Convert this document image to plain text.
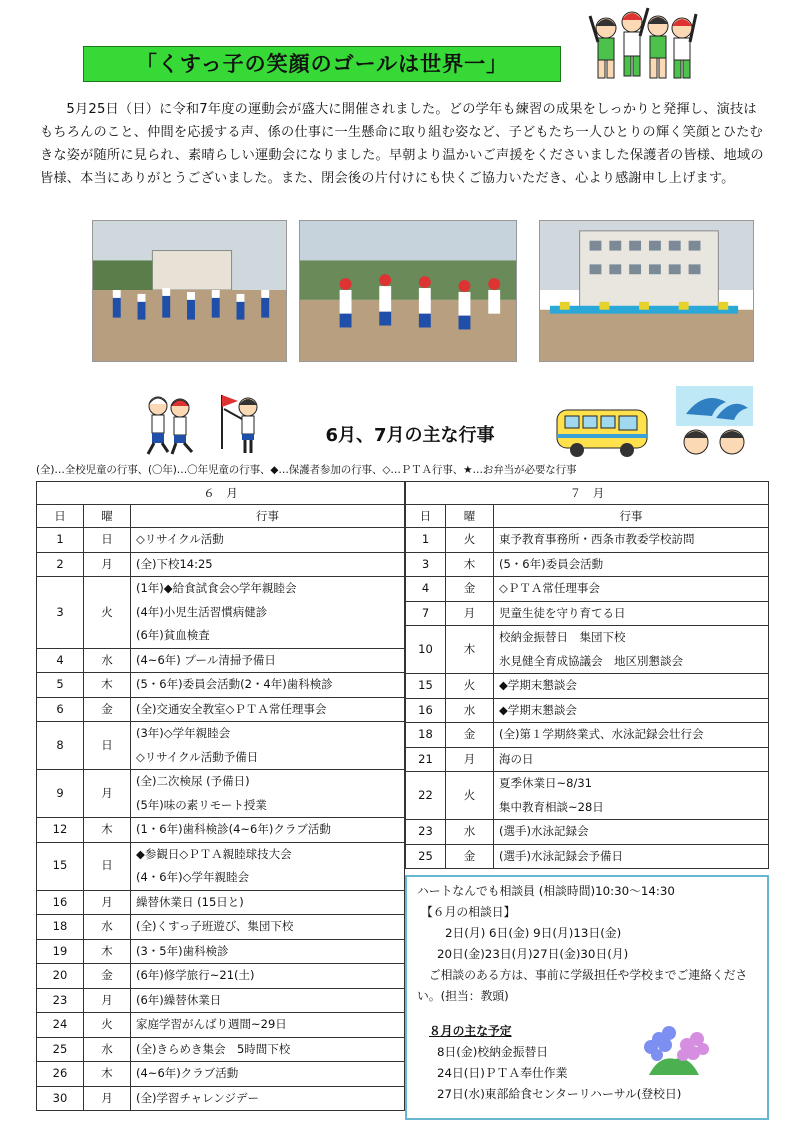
「くすっ子の笑顔のゴールは世界一」

5月25日（日）に令和7年度の運動会が盛大に開催されました。どの学年も練習の成果をしっかりと発揮し、演技はもちろんのこと、仲間を応援する声、係の仕事に一生懸命に取り組む姿など、子どもたち一人ひとりの輝く笑顔とひたむきな姿が随所に見られ、素晴らしい運動会になりました。早朝より温かいご声援をくださいました保護者の皆様、地域の皆様、本当にありがとうございました。また、閉会後の片付けにも快くご協力いただき、心より感謝申し上げます。

6月、7月の主な行事
(全)…全校児童の行事、(〇年)…〇年児童の行事、◆…保護者参加の行事、◇…ＰＴＡ行事、★…お弁当が必要な行事
６　月		
日	曜	行事
1	日	◇リサイクル活動

2	月	(全)下校14:25

3	火	(1年)◆給食試食会◇学年親睦会
(4年)小児生活習慣病健診
(6年)貧血検査

4	水	(4~6年) プール清掃予備日

5	木	(5・6年)委員会活動(2・4年)歯科検診

6	金	(全)交通安全教室◇ＰＴＡ常任理事会

8	日	(3年)◇学年親睦会
◇リサイクル活動予備日

9	月	(全)二次検尿 (予備日)
(5年)味の素リモート授業

12	木	(1・6年)歯科検診(4~6年)クラブ活動

15	日	◆参観日◇ＰＴＡ親睦球技大会
(4・6年)◇学年親睦会

16	月	繰替休業日 (15日と)

18	水	(全)くすっ子班遊び、集団下校

19	木	(3・5年)歯科検診

20	金	(6年)修学旅行~21(土)

23	月	(6年)繰替休業日

24	火	家庭学習がんばり週間~29日

25	水	(全)きらめき集会　5時間下校

26	木	(4~6年)クラブ活動

30	月	(全)学習チャレンジデー
７　月		
日	曜	行事
1	火	東予教育事務所・西条市教委学校訪問

3	木	(5・6年)委員会活動

4	金	◇ＰＴＡ常任理事会

7	月	児童生徒を守り育てる日

10	木	校納金振替日　集団下校
氷見健全育成協議会　地区別懇談会

15	火	◆学期末懇談会

16	水	◆学期末懇談会

18	金	(全)第１学期終業式、水泳記録会壮行会

21	月	海の日

22	火	夏季休業日~8/31
集中教育相談~28日

23	水	(選手)水泳記録会

25	金	(選手)水泳記録会予備日
ハートなんでも相談員 (相談時間)10:30～14:30
【６月の相談日】
2日(月) 6日(金) 9日(月)13日(金)
20日(金)23日(月)27日(金)30日(月)
ご相談のある方は、事前に学級担任や学校までご連絡ください。(担当：教頭)
８月の主な予定
8日(金)校納金振替日
24日(日)ＰＴＡ奉仕作業
27日(水)東部給食センターリハーサル(登校日)
